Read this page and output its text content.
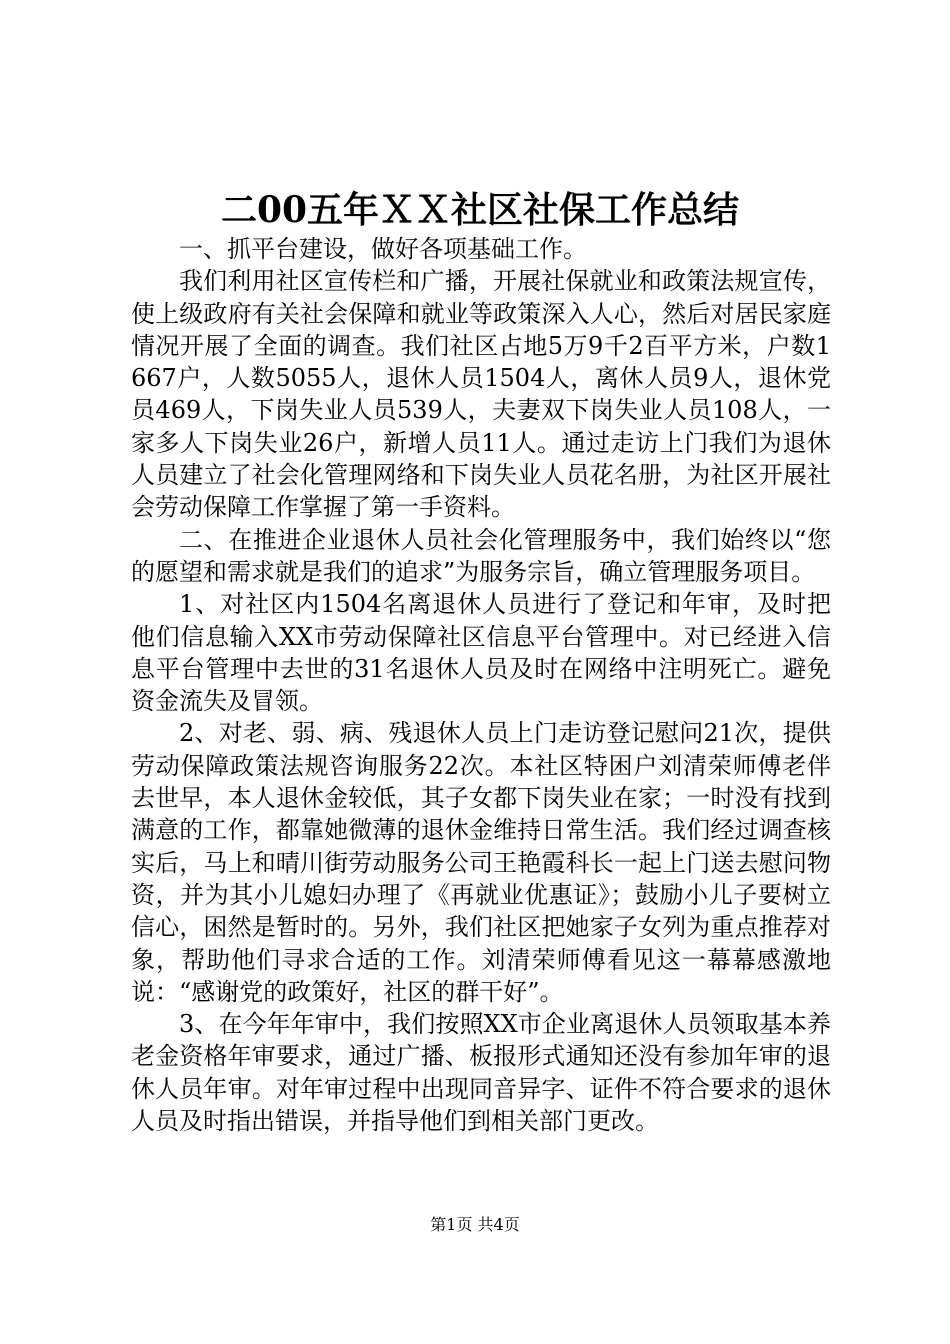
二00五年ＸＸ社区社保工作总结

一、抓平台建设，做好各项基础工作。

我们利用社区宣传栏和广播，开展社保就业和政策法规宣传，使上级政府有关社会保障和就业等政策深入人心，然后对居民家庭情况开展了全面的调查。我们社区占地5万9千2百平方米，户数1667户，人数5055人，退休人员1504人，离休人员9人，退休党员469人，下岗失业人员539人，夫妻双下岗失业人员108人，一家多人下岗失业26户，新增人员11人。通过走访上门我们为退休人员建立了社会化管理网络和下岗失业人员花名册，为社区开展社会劳动保障工作掌握了第一手资料。

二、在推进企业退休人员社会化管理服务中，我们始终以“您的愿望和需求就是我们的追求”为服务宗旨，确立管理服务项目。

1、对社区内1504名离退休人员进行了登记和年审，及时把他们信息输入XX市劳动保障社区信息平台管理中。对已经进入信息平台管理中去世的31名退休人员及时在网络中注明死亡。避免资金流失及冒领。

2、对老、弱、病、残退休人员上门走访登记慰问21次，提供劳动保障政策法规咨询服务22次。本社区特困户刘清荣师傅老伴去世早，本人退休金较低，其子女都下岗失业在家；一时没有找到满意的工作，都靠她微薄的退休金维持日常生活。我们经过调查核实后，马上和晴川街劳动服务公司王艳霞科长一起上门送去慰问物资，并为其小儿媳妇办理了《再就业优惠证》；鼓励小儿子要树立信心，困然是暂时的。另外，我们社区把她家子女列为重点推荐对象，帮助他们寻求合适的工作。刘清荣师傅看见这一幕幕感激地说：“感谢党的政策好，社区的群干好”。

3、在今年年审中，我们按照XX市企业离退休人员领取基本养老金资格年审要求，通过广播、板报形式通知还没有参加年审的退休人员年审。对年审过程中出现同音异字、证件不符合要求的退休人员及时指出错误，并指导他们到相关部门更改。

第1页 共4页
